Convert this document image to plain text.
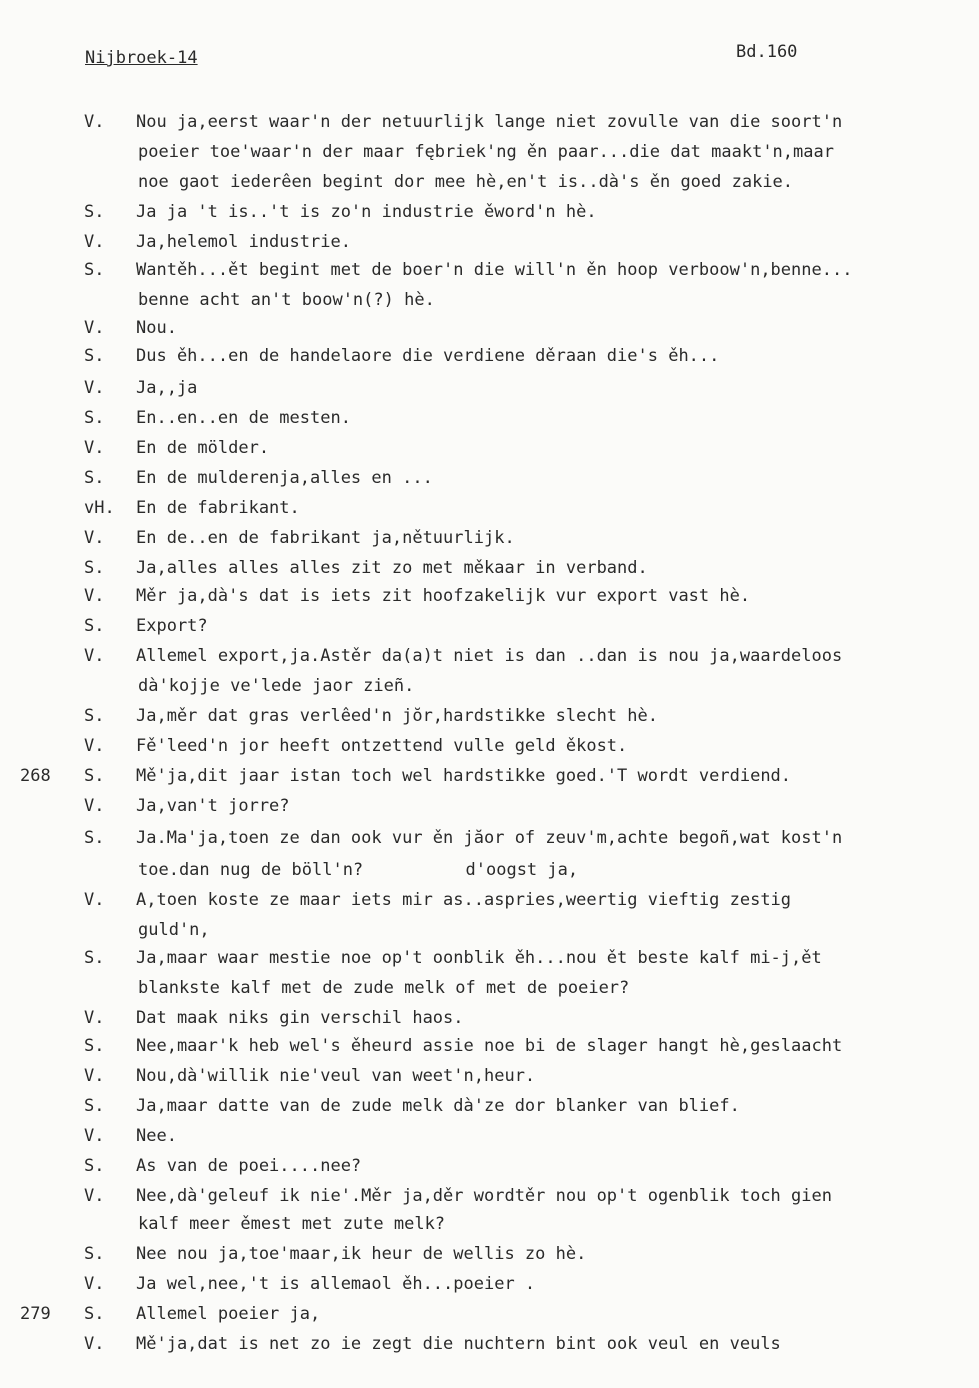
Nijbroek-14	Bd.160
V.	Nou ja,eerst waar'n der netuurlijk lange niet zovulle van die soort'n
poeier toe'waar'n der maar fębriek'ng ěn paar...die dat maakt'n,maar
noe gaot iederêen begint dor mee hè,en't is..dà's ěn goed zakie.
S.	Ja ja 't is..'t is zo'n industrie ěword'n hè.
V.	Ja,helemol industrie.
S.	Wantěh...ět begint met de boer'n die will'n ěn hoop verboow'n,benne...
benne acht an't boow'n(?) hè.
V.	Nou.
S.	Dus ěh...en de handelaore die verdiene děraan die's ěh...
V.	Ja,,ja
S.	En..en..en de mesten.
V.	En de mölder.
S.	En de mulderenja,alles en ...
vH.	En de fabrikant.
V.	En de..en de fabrikant ja,nětuurlijk.
S.	Ja,alles alles alles zit zo met měkaar in verband.
V.	Měr ja,dà's dat is iets zit hoofzakelijk vur export vast hè.
S.	Export?
V.	Allemel export,ja.Astěr da(a)t niet is dan ..dan is nou ja,waardeloos
dà'kojje ve'lede jaor zieñ.
S.	Ja,měr dat gras verlêed'n jŏr,hardstikke slecht hè.
V.	Fě'leed'n jor heeft ontzettend vulle geld ěkost.
268	S.	Mě'ja,dit jaar istan toch wel hardstikke goed.'T wordt verdiend.
V.	Ja,van't jorre?
S.	Ja.Ma'ja,toen ze dan ook vur ěn jăor of zeuv'm,achte begoñ,wat kost'n
toe.dan nug de böll'n?          d'oogst ja,
V.	A,toen koste ze maar iets mir as..aspries,weertig vieftig zestig
guld'n,
S.	Ja,maar waar mestie noe op't oonblik ěh...nou ět beste kalf mi-j,ět
blankste kalf met de zude melk of met de poeier?
V.	Dat maak niks gin verschil haos.
S.	Nee,maar'k heb wel's ěheurd assie noe bi de slager hangt hè,geslaacht
V.	Nou,dà'willik nie'veul van weet'n,heur.
S.	Ja,maar datte van de zude melk dà'ze dor blanker van blief.
V.	Nee.
S.	As van de poei....nee?
V.	Nee,dà'geleuf ik nie'.Měr ja,děr wordtěr nou op't ogenblik toch gien
kalf meer ěmest met zute melk?
S.	Nee nou ja,toe'maar,ik heur de wellis zo hè.
V.	Ja wel,nee,'t is allemaol ěh...poeier .
279	S.	Allemel poeier ja,
V.	Mě'ja,dat is net zo ie zegt die nuchtern bint ook veul en veuls
